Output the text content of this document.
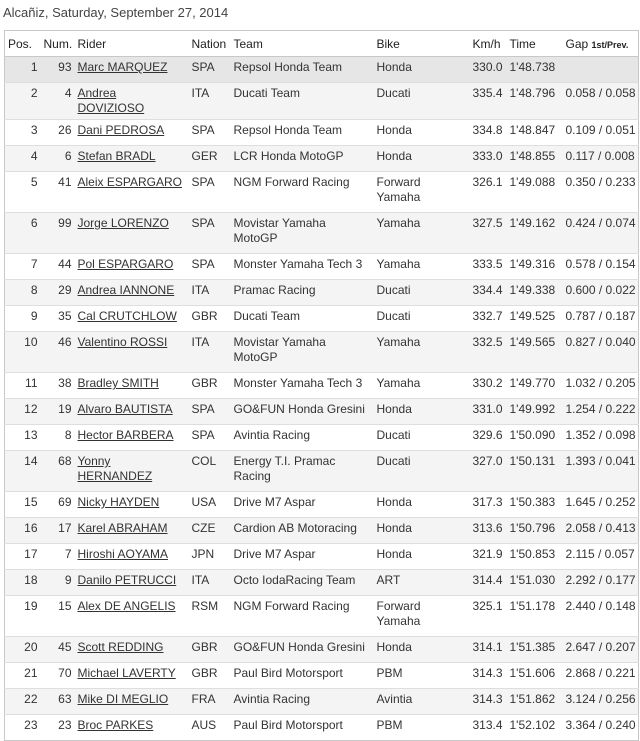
Alcañiz, Saturday, September 27, 2014
Pos.	Num.	Rider	Nation	Team	Bike	Km/h	Time	Gap 1st/Prev.
1	93	Marc MARQUEZ	SPA	Repsol Honda Team	Honda	330.0	1'48.738	
2	4	Andrea DOVIZIOSO	ITA	Ducati Team	Ducati	335.4	1'48.796	0.058 / 0.058
3	26	Dani PEDROSA	SPA	Repsol Honda Team	Honda	334.8	1'48.847	0.109 / 0.051
4	6	Stefan BRADL	GER	LCR Honda MotoGP	Honda	333.0	1'48.855	0.117 / 0.008
5	41	Aleix ESPARGARO	SPA	NGM Forward Racing	Forward Yamaha	326.1	1'49.088	0.350 / 0.233
6	99	Jorge LORENZO	SPA	Movistar Yamaha MotoGP	Yamaha	327.5	1'49.162	0.424 / 0.074
7	44	Pol ESPARGARO	SPA	Monster Yamaha Tech 3	Yamaha	333.5	1'49.316	0.578 / 0.154
8	29	Andrea IANNONE	ITA	Pramac Racing	Ducati	334.4	1'49.338	0.600 / 0.022
9	35	Cal CRUTCHLOW	GBR	Ducati Team	Ducati	332.7	1'49.525	0.787 / 0.187
10	46	Valentino ROSSI	ITA	Movistar Yamaha MotoGP	Yamaha	332.5	1'49.565	0.827 / 0.040
11	38	Bradley SMITH	GBR	Monster Yamaha Tech 3	Yamaha	330.2	1'49.770	1.032 / 0.205
12	19	Alvaro BAUTISTA	SPA	GO&FUN Honda Gresini	Honda	331.0	1'49.992	1.254 / 0.222
13	8	Hector BARBERA	SPA	Avintia Racing	Ducati	329.6	1'50.090	1.352 / 0.098
14	68	Yonny HERNANDEZ	COL	Energy T.I. Pramac Racing	Ducati	327.0	1'50.131	1.393 / 0.041
15	69	Nicky HAYDEN	USA	Drive M7 Aspar	Honda	317.3	1'50.383	1.645 / 0.252
16	17	Karel ABRAHAM	CZE	Cardion AB Motoracing	Honda	313.6	1'50.796	2.058 / 0.413
17	7	Hiroshi AOYAMA	JPN	Drive M7 Aspar	Honda	321.9	1'50.853	2.115 / 0.057
18	9	Danilo PETRUCCI	ITA	Octo IodaRacing Team	ART	314.4	1'51.030	2.292 / 0.177
19	15	Alex DE ANGELIS	RSM	NGM Forward Racing	Forward Yamaha	325.1	1'51.178	2.440 / 0.148
20	45	Scott REDDING	GBR	GO&FUN Honda Gresini	Honda	314.1	1'51.385	2.647 / 0.207
21	70	Michael LAVERTY	GBR	Paul Bird Motorsport	PBM	314.3	1'51.606	2.868 / 0.221
22	63	Mike DI MEGLIO	FRA	Avintia Racing	Avintia	314.3	1'51.862	3.124 / 0.256
23	23	Broc PARKES	AUS	Paul Bird Motorsport	PBM	313.4	1'52.102	3.364 / 0.240
